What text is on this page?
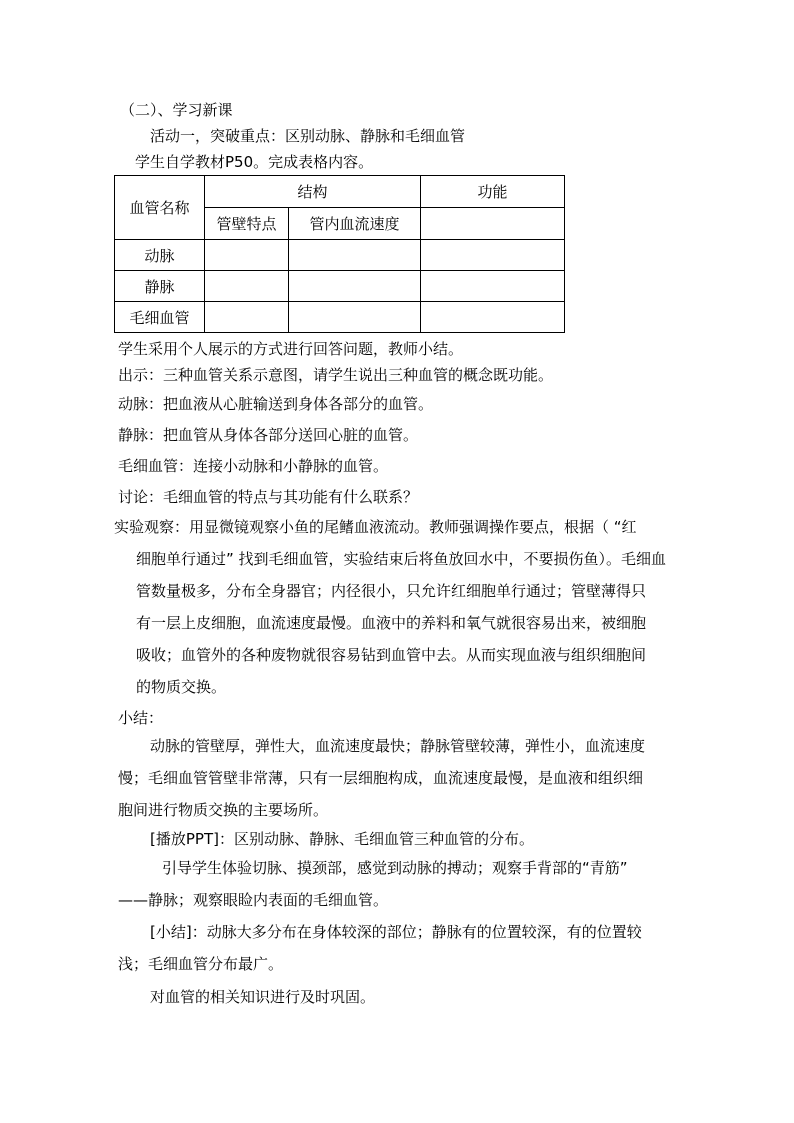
（二）、学习新课
活动一，突破重点：区别动脉、静脉和毛细血管
学生自学教材P50。完成表格内容。
血管名称	结构		功能
	管壁特点	管内血流速度	
动脉			
静脉			
毛细血管			
学生采用个人展示的方式进行回答问题，教师小结。
出示：三种血管关系示意图，请学生说出三种血管的概念既功能。
动脉：把血液从心脏输送到身体各部分的血管。
静脉：把血管从身体各部分送回心脏的血管。
毛细血管：连接小动脉和小静脉的血管。
讨论：毛细血管的特点与其功能有什么联系？
实验观察：用显微镜观察小鱼的尾鳍血液流动。教师强调操作要点，根据（ “红
细胞单行通过” 找到毛细血管，实验结束后将鱼放回水中，不要损伤鱼）。毛细血
管数量极多，分布全身器官；内径很小，只允许红细胞单行通过；管壁薄得只
有一层上皮细胞，血流速度最慢。血液中的养料和氧气就很容易出来，被细胞
吸收；血管外的各种废物就很容易钻到血管中去。从而实现血液与组织细胞间
的物质交换。
小结：
动脉的管壁厚，弹性大，血流速度最快；静脉管壁较薄，弹性小，血流速度
慢；毛细血管管壁非常薄，只有一层细胞构成，血流速度最慢，是血液和组织细
胞间进行物质交换的主要场所。
[播放PPT]：区别动脉、静脉、毛细血管三种血管的分布。
引导学生体验切脉、摸颈部，感觉到动脉的搏动；观察手背部的“青筋”
——静脉；观察眼睑内表面的毛细血管。
[小结]：动脉大多分布在身体较深的部位；静脉有的位置较深，有的位置较
浅；毛细血管分布最广。
对血管的相关知识进行及时巩固。
